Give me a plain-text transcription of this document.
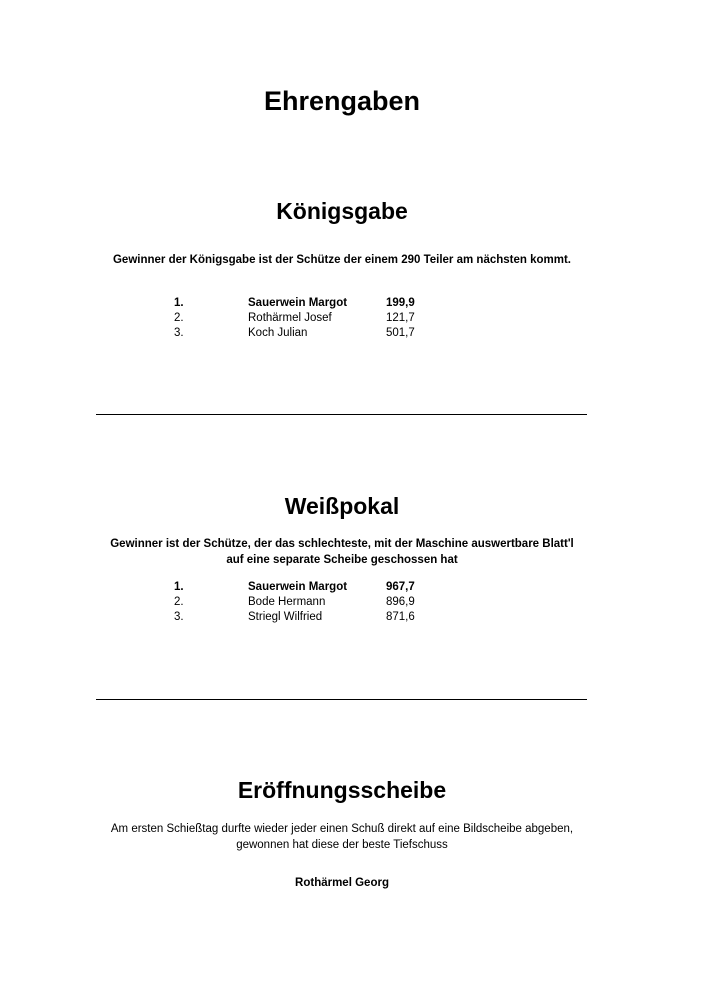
Ehrengaben
Königsgabe
Gewinner der Königsgabe ist der Schütze der einem 290 Teiler am nächsten kommt.
1.	Sauerwein Margot	199,9
2.	Rothärmel Josef	121,7
3.	Koch Julian	501,7
Weißpokal
Gewinner ist der Schütze, der das schlechteste, mit der Maschine auswertbare Blatt'l
auf eine separate Scheibe geschossen hat
1.	Sauerwein Margot	967,7
2.	Bode Hermann	896,9
3.	Striegl Wilfried	871,6
Eröffnungsscheibe
Am ersten Schießtag durfte wieder jeder einen Schuß direkt auf eine Bildscheibe abgeben,
gewonnen hat diese der beste Tiefschuss
Rothärmel Georg
